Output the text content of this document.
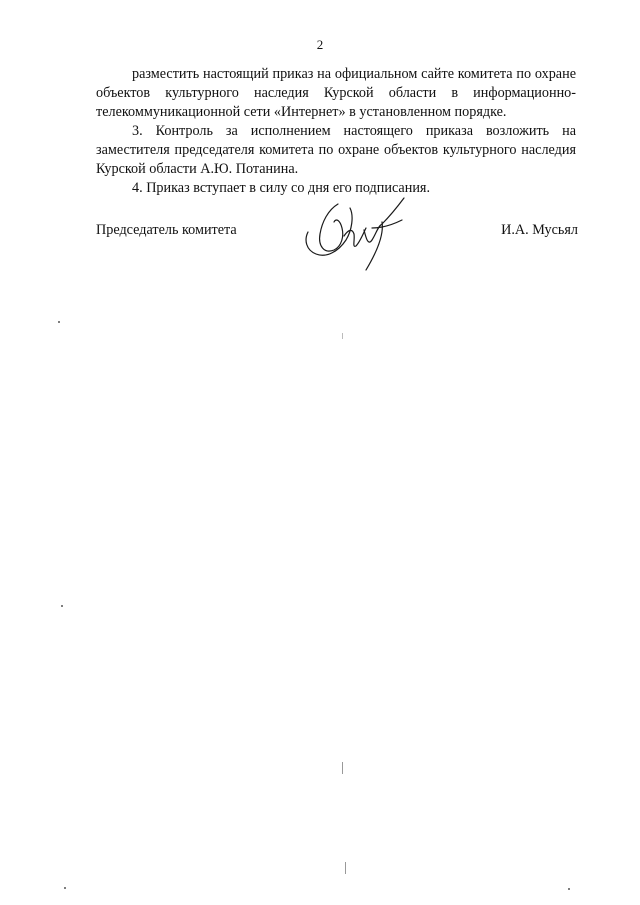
2

разместить настоящий приказ на официальном сайте комитета по охране объектов культурного наследия Курской области в информационно-телекоммуникационной сети «Интернет» в установленном порядке.

3. Контроль за исполнением настоящего приказа возложить на заместителя председателя комитета по охране объектов культурного наследия Курской области А.Ю. Потанина.

4. Приказ вступает в силу со дня его подписания.

Председатель комитета	И.А. Мусьял
